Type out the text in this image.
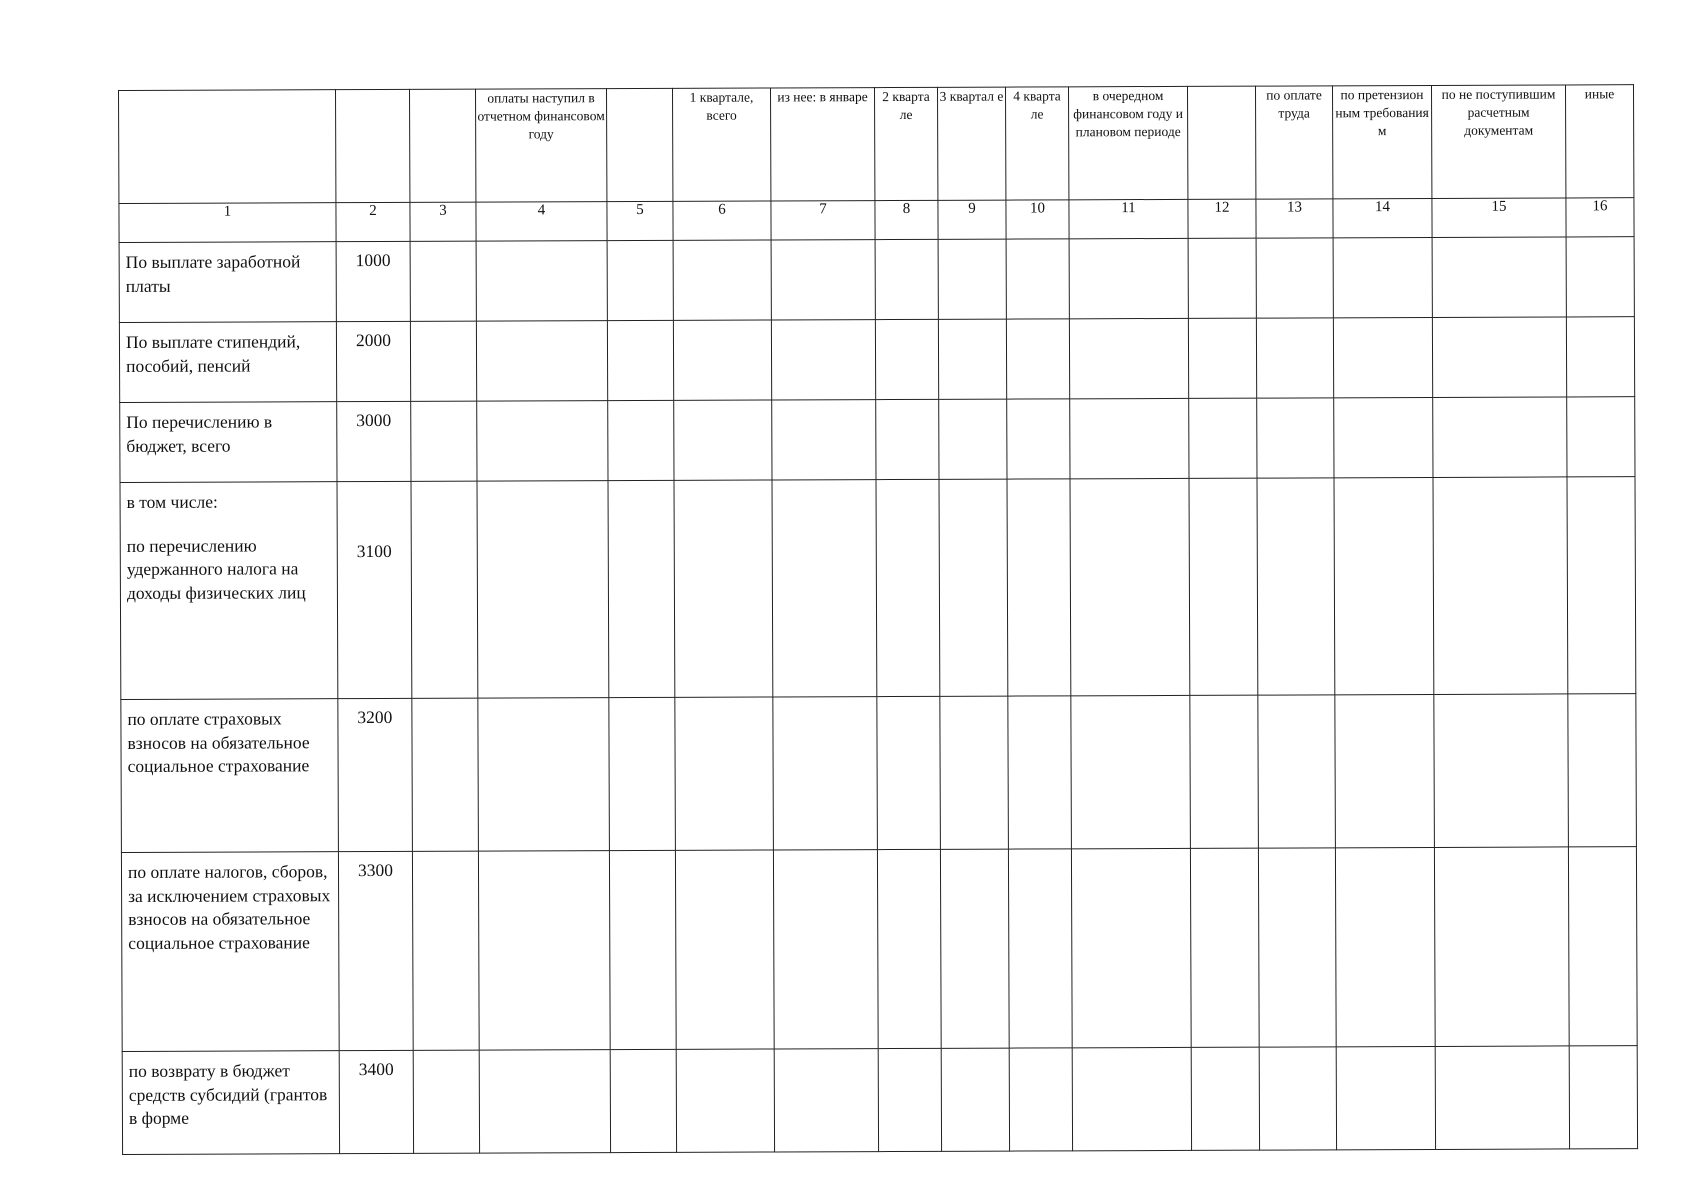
			оплаты наступил в отчетном финансовом году		1 квартале, всего	из нее: в январе	2 кварта ле	3 квартал е	4 кварта ле	в очередном финансовом году и плановом периоде		по оплате труда	по претензион ным требования м	по не поступившим расчетным документам	иные
1	2	3	4	5	6	7	8	9	10	11	12	13	14	15	16
По выплате заработной платы	1000														
По выплате стипендий, пособий, пенсий	2000														
По перечислению в бюджет, всего	3000														
в том числе:
по перечислению удержанного налога на доходы физических лиц	3100														
по оплате страховых взносов на обязательное социальное страхование	3200														
по оплате налогов, сборов, за исключением страховых взносов на обязательное социальное страхование	3300														
по возврату в бюджет средств субсидий (грантов в форме	3400														
